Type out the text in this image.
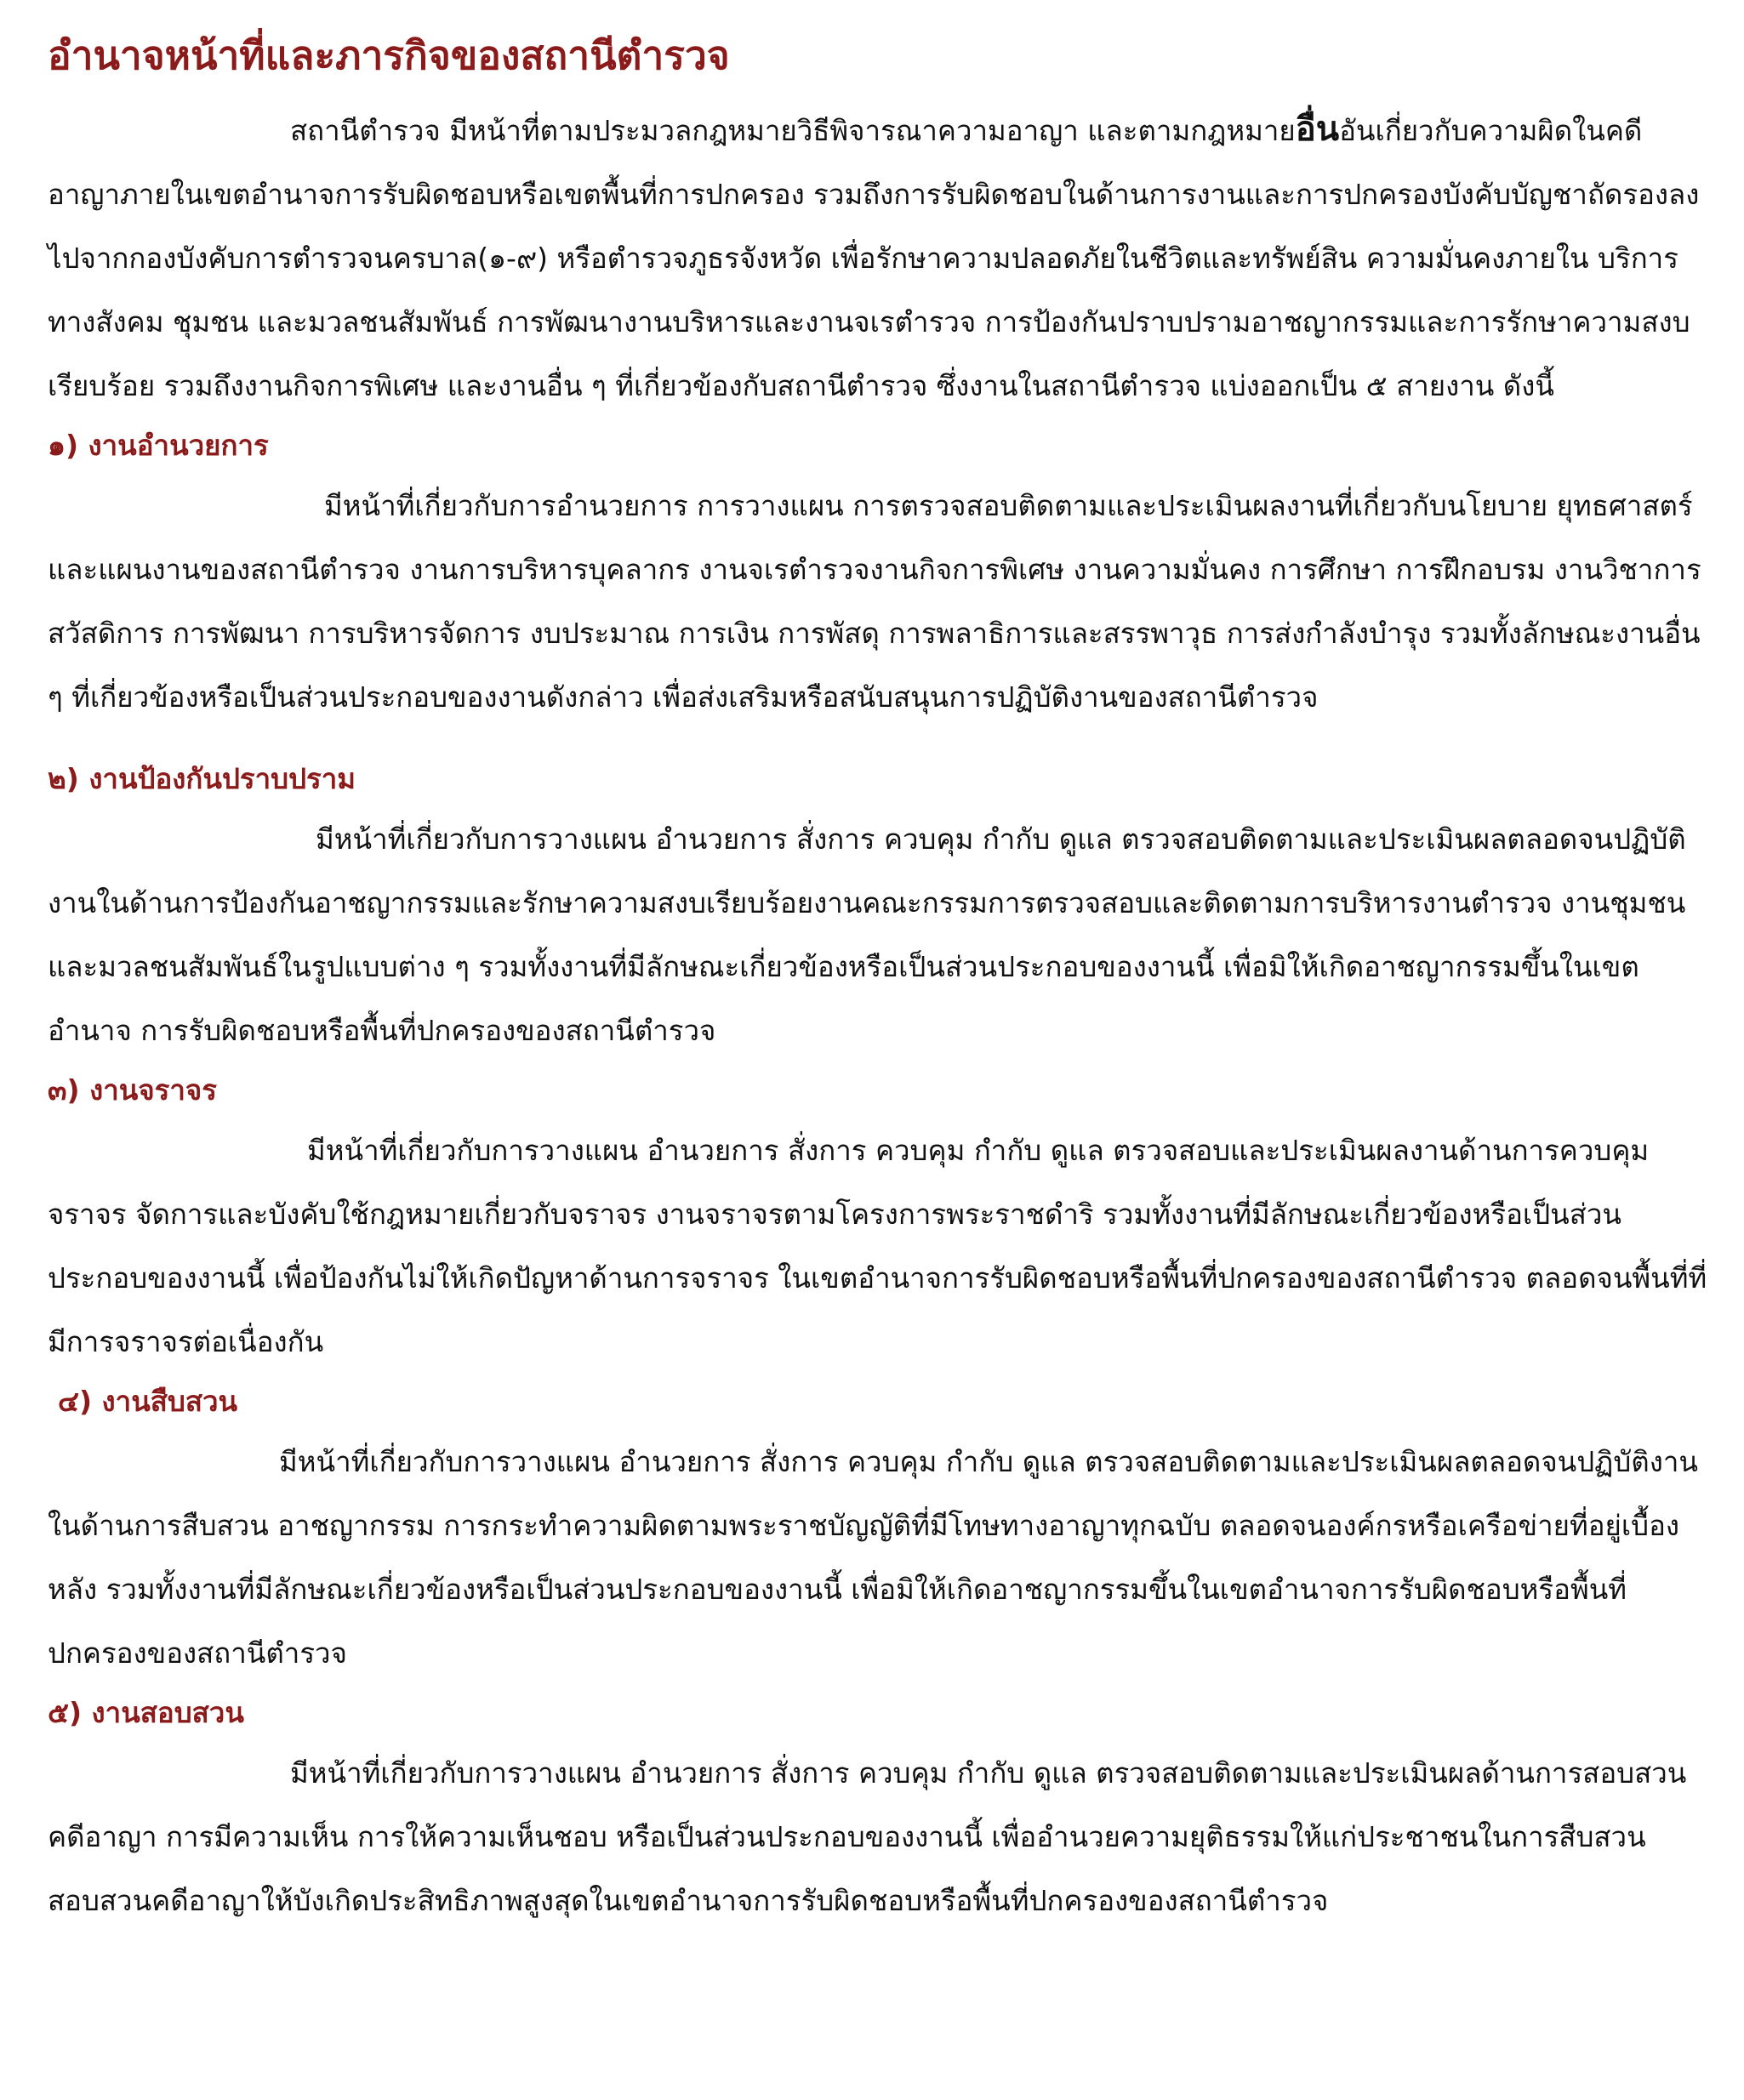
อำนาจหน้าที่และภารกิจของสถานีตำรวจ

สถานีตำรวจ มีหน้าที่ตามประมวลกฎหมายวิธีพิจารณาความอาญา และตามกฎหมายอื่นอันเกี่ยวกับความผิดในคดีอาญาภายในเขตอำนาจการรับผิดชอบหรือเขตพื้นที่การปกครอง รวมถึงการรับผิดชอบในด้านการงานและการปกครองบังคับบัญชาถัดรองลงไปจากกองบังคับการตำรวจนครบาล(๑-๙) หรือตำรวจภูธรจังหวัด เพื่อรักษาความปลอดภัยในชีวิตและทรัพย์สิน ความมั่นคงภายใน บริการทางสังคม ชุมชน และมวลชนสัมพันธ์ การพัฒนางานบริหารและงานจเรตำรวจ การป้องกันปราบปรามอาชญากรรมและการรักษาความสงบเรียบร้อย รวมถึงงานกิจการพิเศษ และงานอื่น ๆ ที่เกี่ยวข้องกับสถานีตำรวจ ซึ่งงานในสถานีตำรวจ แบ่งออกเป็น ๕ สายงาน ดังนี้

๑) งานอำนวยการ

มีหน้าที่เกี่ยวกับการอำนวยการ การวางแผน การตรวจสอบติดตามและประเมินผลงานที่เกี่ยวกับนโยบาย ยุทธศาสตร์ และแผนงานของสถานีตำรวจ งานการบริหารบุคลากร งานจเรตำรวจงานกิจการพิเศษ งานความมั่นคง การศึกษา การฝึกอบรม งานวิชาการ สวัสดิการ การพัฒนา การบริหารจัดการ งบประมาณ การเงิน การพัสดุ การพลาธิการและสรรพาวุธ การส่งกำลังบำรุง รวมทั้งลักษณะงานอื่น ๆ ที่เกี่ยวข้องหรือเป็นส่วนประกอบของงานดังกล่าว เพื่อส่งเสริมหรือสนับสนุนการปฏิบัติงานของสถานีตำรวจ

๒) งานป้องกันปราบปราม

มีหน้าที่เกี่ยวกับการวางแผน อำนวยการ สั่งการ ควบคุม กำกับ ดูแล ตรวจสอบติดตามและประเมินผลตลอดจนปฏิบัติงานในด้านการป้องกันอาชญากรรมและรักษาความสงบเรียบร้อยงานคณะกรรมการตรวจสอบและติดตามการบริหารงานตำรวจ งานชุมชนและมวลชนสัมพันธ์ในรูปแบบต่าง ๆ รวมทั้งงานที่มีลักษณะเกี่ยวข้องหรือเป็นส่วนประกอบของงานนี้ เพื่อมิให้เกิดอาชญากรรมขึ้นในเขตอำนาจ การรับผิดชอบหรือพื้นที่ปกครองของสถานีตำรวจ

๓) งานจราจร

มีหน้าที่เกี่ยวกับการวางแผน อำนวยการ สั่งการ ควบคุม กำกับ ดูแล ตรวจสอบและประเมินผลงานด้านการควบคุมจราจร จัดการและบังคับใช้กฎหมายเกี่ยวกับจราจร งานจราจรตามโครงการพระราชดำริ รวมทั้งงานที่มีลักษณะเกี่ยวข้องหรือเป็นส่วนประกอบของงานนี้ เพื่อป้องกันไม่ให้เกิดปัญหาด้านการจราจร ในเขตอำนาจการรับผิดชอบหรือพื้นที่ปกครองของสถานีตำรวจ ตลอดจนพื้นที่ที่มีการจราจรต่อเนื่องกัน

๔) งานสืบสวน

มีหน้าที่เกี่ยวกับการวางแผน อำนวยการ สั่งการ ควบคุม กำกับ ดูแล ตรวจสอบติดตามและประเมินผลตลอดจนปฏิบัติงานในด้านการสืบสวน อาชญากรรม การกระทำความผิดตามพระราชบัญญัติที่มีโทษทางอาญาทุกฉบับ ตลอดจนองค์กรหรือเครือข่ายที่อยู่เบื้องหลัง รวมทั้งงานที่มีลักษณะเกี่ยวข้องหรือเป็นส่วนประกอบของงานนี้ เพื่อมิให้เกิดอาชญากรรมขึ้นในเขตอำนาจการรับผิดชอบหรือพื้นที่ปกครองของสถานีตำรวจ

๕) งานสอบสวน

มีหน้าที่เกี่ยวกับการวางแผน อำนวยการ สั่งการ ควบคุม กำกับ ดูแล ตรวจสอบติดตามและประเมินผลด้านการสอบสวนคดีอาญา การมีความเห็น การให้ความเห็นชอบ หรือเป็นส่วนประกอบของงานนี้ เพื่ออำนวยความยุติธรรมให้แก่ประชาชนในการสืบสวนสอบสวนคดีอาญาให้บังเกิดประสิทธิภาพสูงสุดในเขตอำนาจการรับผิดชอบหรือพื้นที่ปกครองของสถานีตำรวจ
